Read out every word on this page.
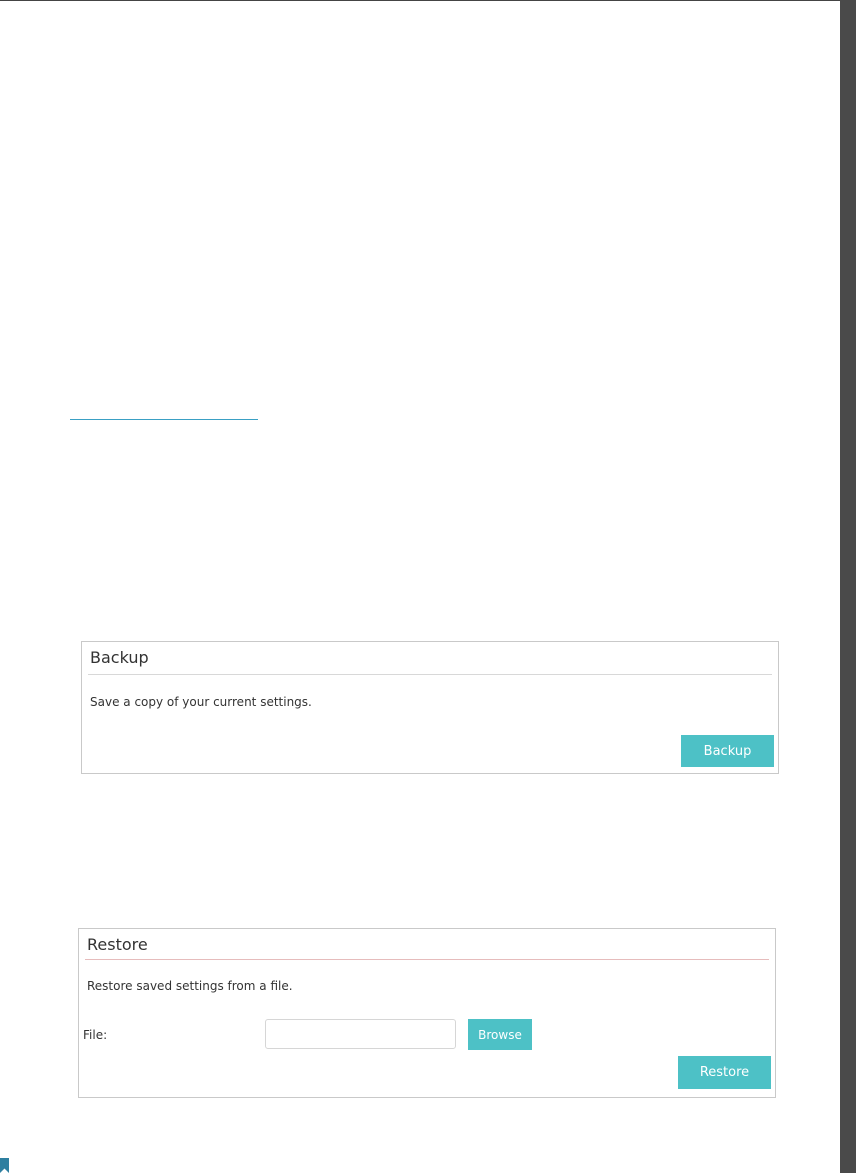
Backup
Save a copy of your current settings.
Backup
Restore
Restore saved settings from a file.
File:	Browse
Restore
